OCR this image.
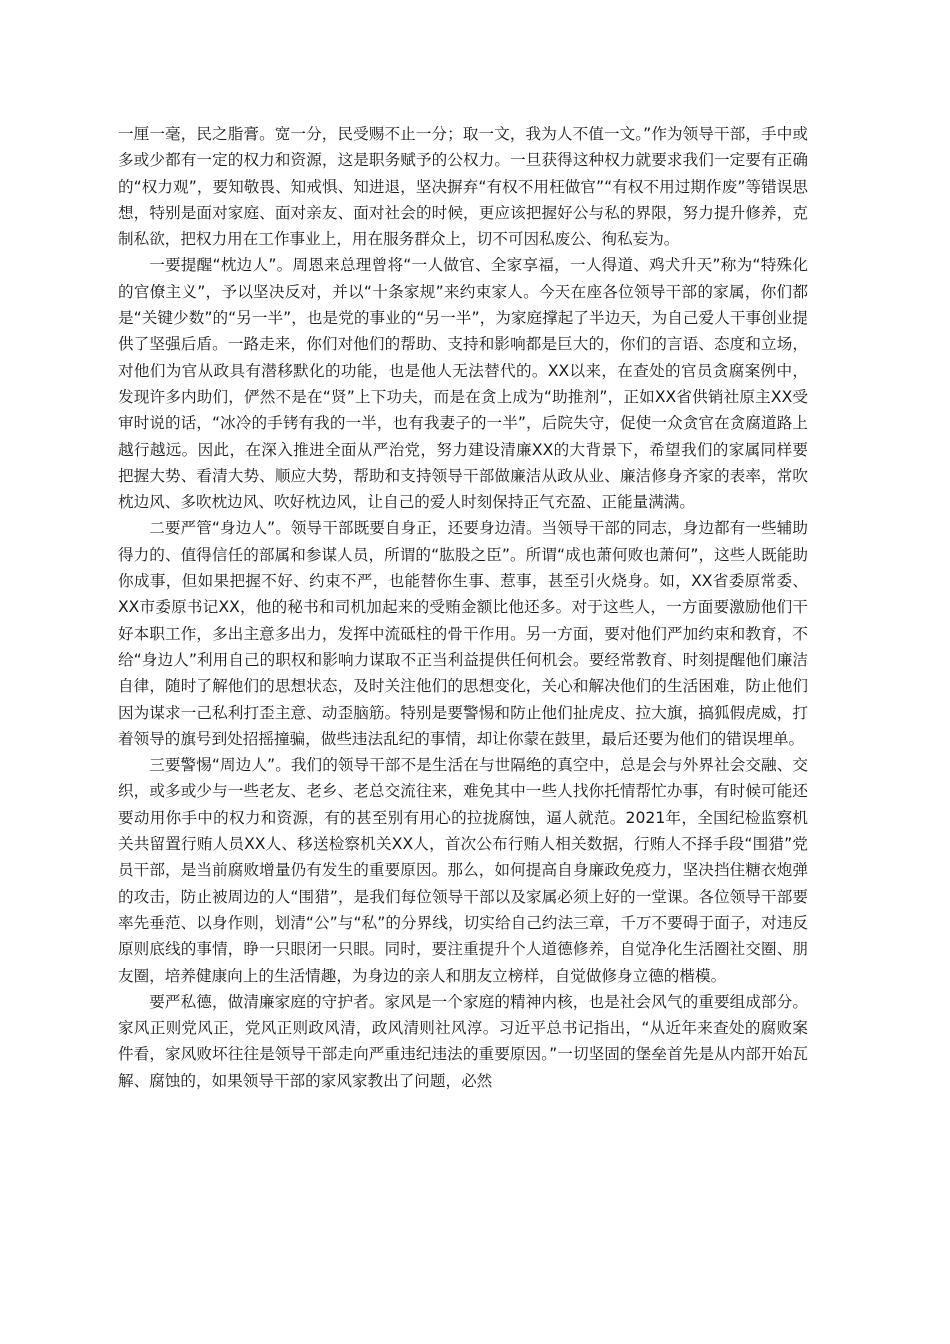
一厘一毫，民之脂膏。宽一分，民受赐不止一分；取一文，我为人不值一文。”作为领导干部，手中或多或少都有一定的权力和资源，这是职务赋予的公权力。一旦获得这种权力就要求我们一定要有正确的“权力观”，要知敬畏、知戒惧、知进退，坚决摒弃“有权不用枉做官”“有权不用过期作废”等错误思想，特别是面对家庭、面对亲友、面对社会的时候，更应该把握好公与私的界限，努力提升修养，克制私欲，把权力用在工作事业上，用在服务群众上，切不可因私废公、徇私妄为。

一要提醒“枕边人”。周恩来总理曾将“一人做官、全家享福，一人得道、鸡犬升天”称为“特殊化的官僚主义”，予以坚决反对，并以“十条家规”来约束家人。今天在座各位领导干部的家属，你们都是“关键少数”的“另一半”，也是党的事业的“另一半”，为家庭撑起了半边天，为自己爱人干事创业提供了坚强后盾。一路走来，你们对他们的帮助、支持和影响都是巨大的，你们的言语、态度和立场，对他们为官从政具有潜移默化的功能，也是他人无法替代的。XX以来，在查处的官员贪腐案例中，发现许多内助们，俨然不是在“贤”上下功夫，而是在贪上成为“助推剂”，正如XX省供销社原主XX受审时说的话，“冰冷的手铐有我的一半，也有我妻子的一半”，后院失守，促使一众贪官在贪腐道路上越行越远。因此，在深入推进全面从严治党，努力建设清廉XX的大背景下，希望我们的家属同样要把握大势、看清大势、顺应大势，帮助和支持领导干部做廉洁从政从业、廉洁修身齐家的表率，常吹枕边风、多吹枕边风、吹好枕边风，让自己的爱人时刻保持正气充盈、正能量满满。

二要严管“身边人”。领导干部既要自身正，还要身边清。当领导干部的同志，身边都有一些辅助得力的、值得信任的部属和参谋人员，所谓的“肱股之臣”。所谓“成也萧何败也萧何”，这些人既能助你成事，但如果把握不好、约束不严，也能替你生事、惹事，甚至引火烧身。如，XX省委原常委、XX市委原书记XX，他的秘书和司机加起来的受贿金额比他还多。对于这些人，一方面要激励他们干好本职工作，多出主意多出力，发挥中流砥柱的骨干作用。另一方面，要对他们严加约束和教育，不给“身边人”利用自己的职权和影响力谋取不正当利益提供任何机会。要经常教育、时刻提醒他们廉洁自律，随时了解他们的思想状态，及时关注他们的思想变化，关心和解决他们的生活困难，防止他们因为谋求一己私利打歪主意、动歪脑筋。特别是要警惕和防止他们扯虎皮、拉大旗，搞狐假虎威，打着领导的旗号到处招摇撞骗，做些违法乱纪的事情，却让你蒙在鼓里，最后还要为他们的错误埋单。

三要警惕“周边人”。我们的领导干部不是生活在与世隔绝的真空中，总是会与外界社会交融、交织，或多或少与一些老友、老乡、老总交流往来，难免其中一些人找你托情帮忙办事，有时候可能还要动用你手中的权力和资源，有的甚至别有用心的拉拢腐蚀，逼人就范。2021年，全国纪检监察机关共留置行贿人员XX人、移送检察机关XX人，首次公布行贿人相关数据，行贿人不择手段“围猎”党员干部，是当前腐败增量仍有发生的重要原因。那么，如何提高自身廉政免疫力，坚决挡住糖衣炮弹的攻击，防止被周边的人“围猎”，是我们每位领导干部以及家属必须上好的一堂课。各位领导干部要率先垂范、以身作则，划清“公”与“私”的分界线，切实给自己约法三章，千万不要碍于面子，对违反原则底线的事情，睁一只眼闭一只眼。同时，要注重提升个人道德修养，自觉净化生活圈社交圈、朋友圈，培养健康向上的生活情趣，为身边的亲人和朋友立榜样，自觉做修身立德的楷模。

要严私德，做清廉家庭的守护者。家风是一个家庭的精神内核，也是社会风气的重要组成部分。家风正则党风正，党风正则政风清，政风清则社风淳。习近平总书记指出，“从近年来查处的腐败案件看，家风败坏往往是领导干部走向严重违纪违法的重要原因。”一切坚固的堡垒首先是从内部开始瓦解、腐蚀的，如果领导干部的家风家教出了问题，必然
